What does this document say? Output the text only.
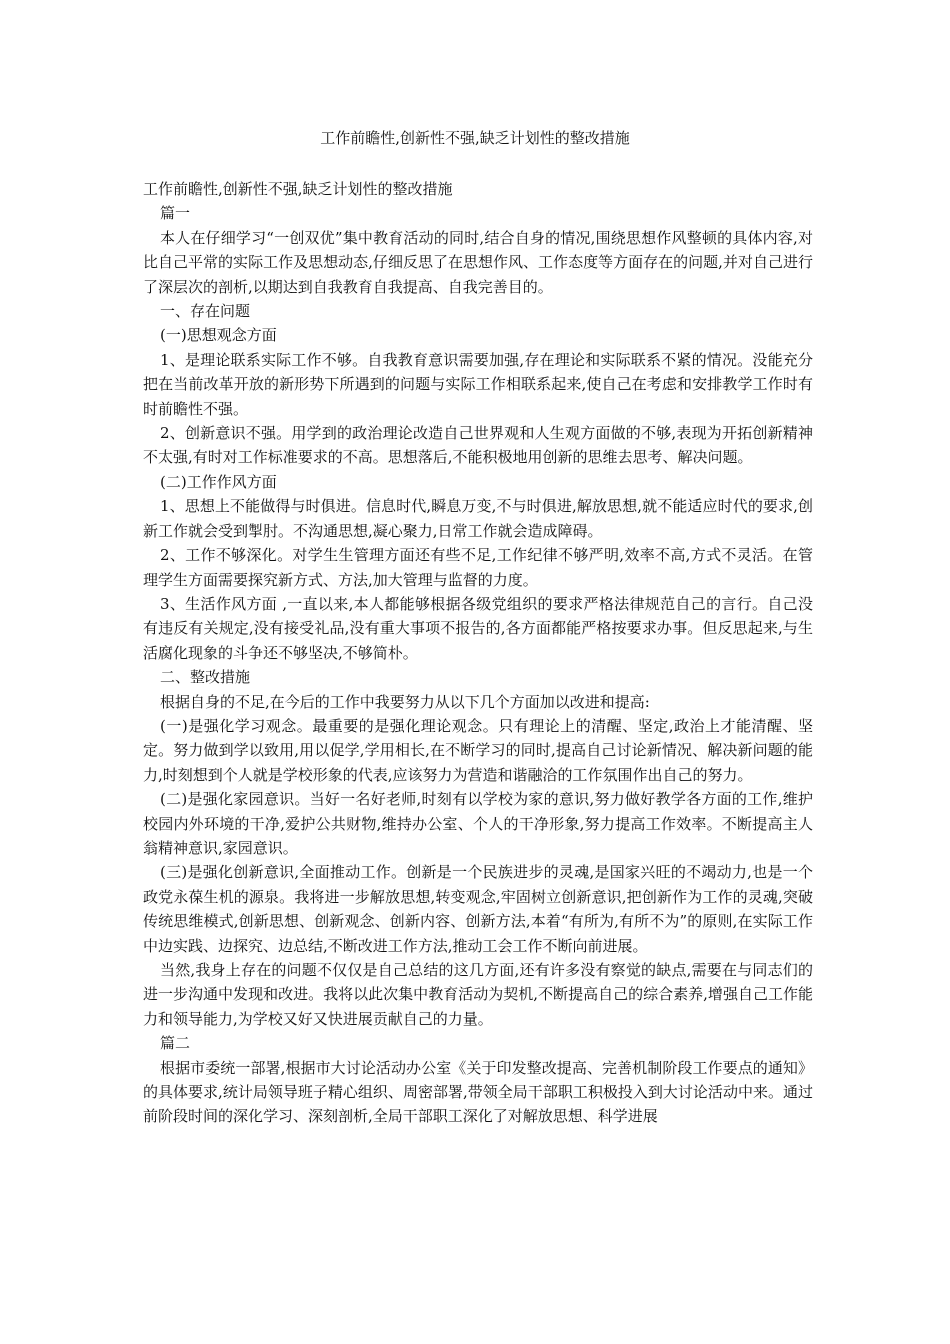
工作前瞻性,创新性不强,缺乏计划性的整改措施

工作前瞻性,创新性不强,缺乏计划性的整改措施

篇一

本人在仔细学习“一创双优”集中教育活动的同时,结合自身的情况,围绕思想作风整顿的具体内容,对比自己平常的实际工作及思想动态,仔细反思了在思想作风、工作态度等方面存在的问题,并对自己进行了深层次的剖析,以期达到自我教育自我提高、自我完善目的。

一、存在问题

(一)思想观念方面

1、是理论联系实际工作不够。自我教育意识需要加强,存在理论和实际联系不紧的情况。没能充分把在当前改革开放的新形势下所遇到的问题与实际工作相联系起来,使自己在考虑和安排教学工作时有时前瞻性不强。

2、创新意识不强。用学到的政治理论改造自己世界观和人生观方面做的不够,表现为开拓创新精神不太强,有时对工作标准要求的不高。思想落后,不能积极地用创新的思维去思考、解决问题。

(二)工作作风方面

1、思想上不能做得与时俱进。信息时代,瞬息万变,不与时俱进,解放思想,就不能适应时代的要求,创新工作就会受到掣肘。不沟通思想,凝心聚力,日常工作就会造成障碍。

2、工作不够深化。对学生生管理方面还有些不足,工作纪律不够严明,效率不高,方式不灵活。在管理学生方面需要探究新方式、方法,加大管理与监督的力度。

3、生活作风方面 ,一直以来,本人都能够根据各级党组织的要求严格法律规范自己的言行。自己没有违反有关规定,没有接受礼品,没有重大事项不报告的,各方面都能严格按要求办事。但反思起来,与生活腐化现象的斗争还不够坚决,不够简朴。

二、整改措施

根据自身的不足,在今后的工作中我要努力从以下几个方面加以改进和提高:

(一)是强化学习观念。最重要的是强化理论观念。只有理论上的清醒、坚定,政治上才能清醒、坚定。努力做到学以致用,用以促学,学用相长,在不断学习的同时,提高自己讨论新情况、解决新问题的能力,时刻想到个人就是学校形象的代表,应该努力为营造和谐融洽的工作氛围作出自己的努力。

(二)是强化家园意识。当好一名好老师,时刻有以学校为家的意识,努力做好教学各方面的工作,维护校园内外环境的干净,爱护公共财物,维持办公室、个人的干净形象,努力提高工作效率。不断提高主人翁精神意识,家园意识。

(三)是强化创新意识,全面推动工作。创新是一个民族进步的灵魂,是国家兴旺的不竭动力,也是一个政党永葆生机的源泉。我将进一步解放思想,转变观念,牢固树立创新意识,把创新作为工作的灵魂,突破传统思维模式,创新思想、创新观念、创新内容、创新方法,本着“有所为,有所不为”的原则,在实际工作中边实践、边探究、边总结,不断改进工作方法,推动工会工作不断向前进展。

当然,我身上存在的问题不仅仅是自己总结的这几方面,还有许多没有察觉的缺点,需要在与同志们的进一步沟通中发现和改进。我将以此次集中教育活动为契机,不断提高自己的综合素养,增强自己工作能力和领导能力,为学校又好又快进展贡献自己的力量。

篇二

根据市委统一部署,根据市大讨论活动办公室《关于印发整改提高、完善机制阶段工作要点的通知》的具体要求,统计局领导班子精心组织、周密部署,带领全局干部职工积极投入到大讨论活动中来。通过前阶段时间的深化学习、深刻剖析,全局干部职工深化了对解放思想、科学进展
